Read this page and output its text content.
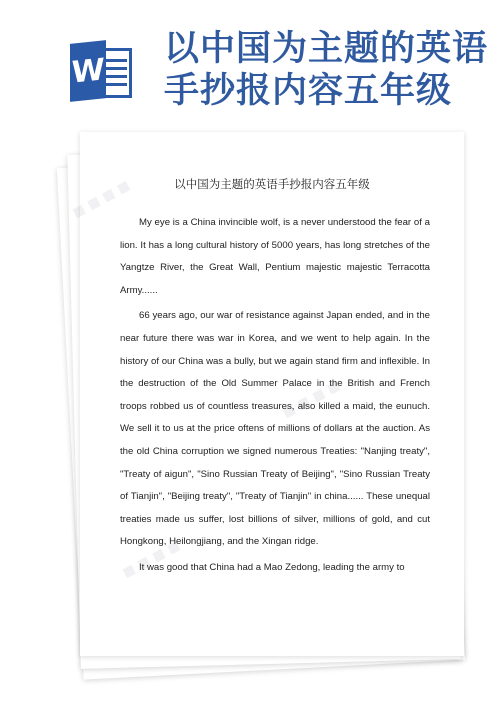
W
以中国为主题的英语手抄报内容五年级
■ ■ ■ ■
■ ■ ■ ■
■ ■ ■ ■
以中国为主题的英语手抄报内容五年级

My eye is a China invincible wolf, is a never understood the fear of a lion. It has a long cultural history of 5000 years, has long stretches of the Yangtze River, the Great Wall, Pentium majestic majestic Terracotta Army......

66 years ago, our war of resistance against Japan ended, and in the near future there was war in Korea, and we went to help again. In the history of our China was a bully, but we again stand firm and inflexible. In the destruction of the Old Summer Palace in the British and French troops robbed us of countless treasures, also killed a maid, the eunuch. We sell it to us at the price oftens of millions of dollars at the auction. As the old China corruption we signed numerous Treaties: "Nanjing treaty", "Treaty of aigun", "Sino Russian Treaty of Beijing", "Sino Russian Treaty of Tianjin", "Beijing treaty", "Treaty of Tianjin" in china...... These unequal treaties made us suffer, lost billions of silver, millions of gold, and cut Hongkong, Heilongjiang, and the Xingan ridge.

It was good that China had a Mao Zedong, leading the army to
